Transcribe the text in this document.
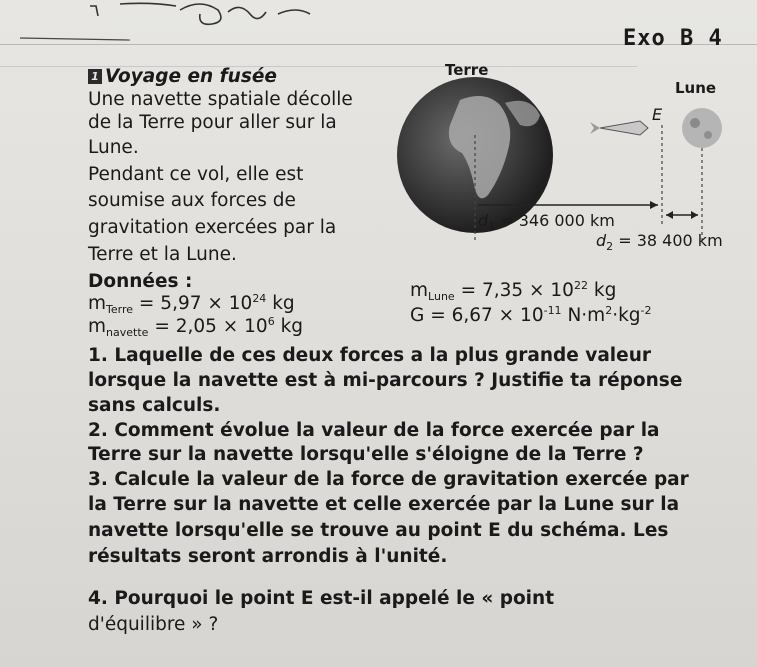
Exo B 4
1 Voyage en fusée
Une navette spatiale décolle
de la Terre pour aller sur la
Lune.
Pendant ce vol, elle est
soumise aux forces de
gravitation exercées par la
Terre et la Lune.
Terre
Lune
E
$d_1 = 346$ 000 km
$d_2 = 38$ 400 km
Données :
$m_{Terre} = 5,97 \times 10^{24}$ kg
$m_{navette} = 2,05 \times 10^6$ kg
$m_{Lune} = 7,35 \times 10^{22}$ kg
$G = 6,67 \times 10^{-11}$ $N\cdot m^2\cdot kg^{-2}$
1. Laquelle de ces deux forces a la plus grande valeur
lorsque la navette est à mi-parcours ? Justifie ta réponse
sans calculs.
2. Comment évolue la valeur de la force exercée par la
Terre sur la navette lorsqu'elle s'éloigne de la Terre ?
3. Calcule la valeur de la force de gravitation exercée par
la Terre sur la navette et celle exercée par la Lune sur la
navette lorsqu'elle se trouve au point E du schéma. Les
résultats seront arrondis à l'unité.
4. Pourquoi le point E est-il appelé le « point
d'équilibre » ?
